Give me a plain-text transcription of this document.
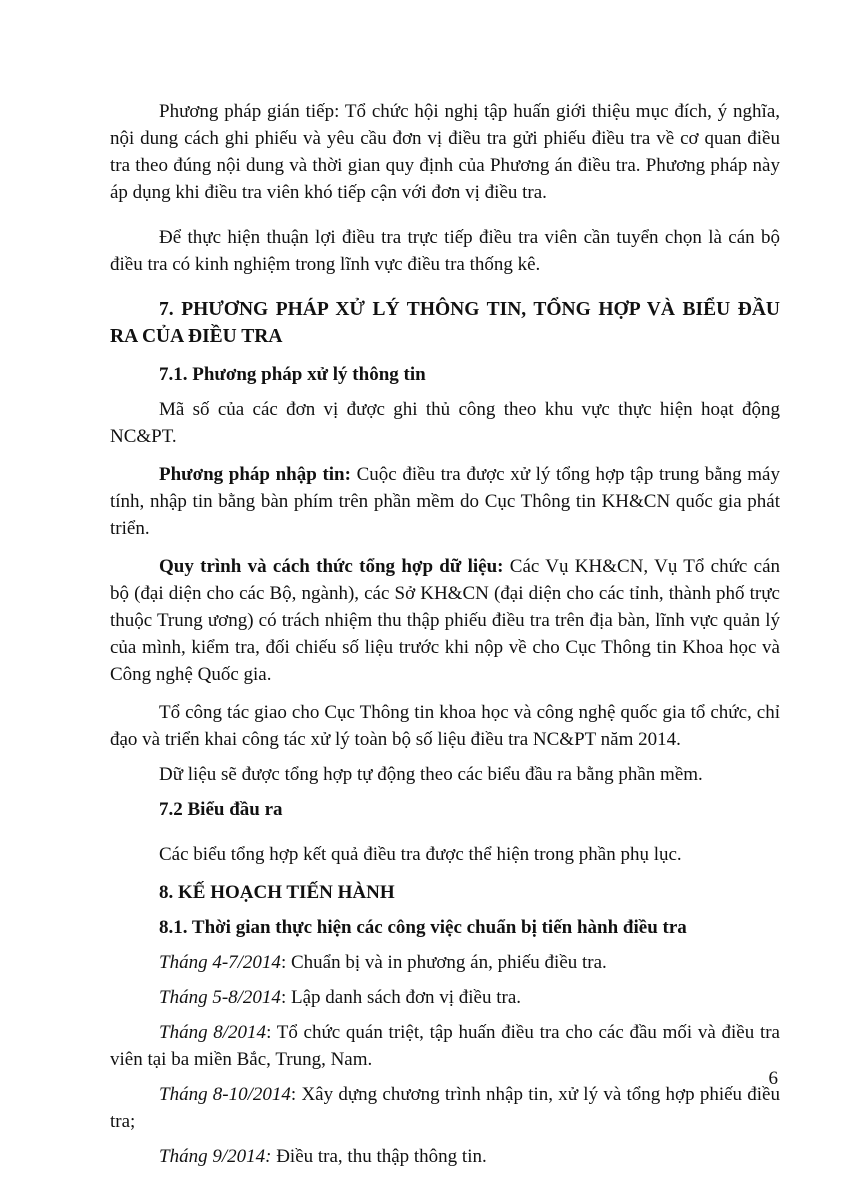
Phương pháp gián tiếp: Tổ chức hội nghị tập huấn giới thiệu mục đích, ý nghĩa, nội dung cách ghi phiếu và yêu cầu đơn vị điều tra gửi phiếu điều tra về cơ quan điều tra theo đúng nội dung và thời gian quy định của Phương án điều tra. Phương pháp này áp dụng khi điều tra viên khó tiếp cận với đơn vị điều tra.

Để thực hiện thuận lợi điều tra trực tiếp điều tra viên cần tuyển chọn là cán bộ điều tra có kinh nghiệm trong lĩnh vực điều tra thống kê.

7. PHƯƠNG PHÁP XỬ LÝ THÔNG TIN, TỔNG HỢP VÀ BIỂU ĐẦU RA CỦA ĐIỀU TRA

7.1. Phương pháp xử lý thông tin

Mã số của các đơn vị được ghi thủ công theo khu vực thực hiện hoạt động NC&PT.

Phương pháp nhập tin: Cuộc điều tra được xử lý tổng hợp tập trung bằng máy tính, nhập tin bằng bàn phím trên phần mềm do Cục Thông tin KH&CN quốc gia phát triển.

Quy trình và cách thức tổng hợp dữ liệu: Các Vụ KH&CN, Vụ Tổ chức cán bộ (đại diện cho các Bộ, ngành), các Sở KH&CN (đại diện cho các tỉnh, thành phố trực thuộc Trung ương) có trách nhiệm thu thập phiếu điều tra trên địa bàn, lĩnh vực quản lý của mình, kiểm tra, đối chiếu số liệu trước khi nộp về cho Cục Thông tin Khoa học và Công nghệ Quốc gia.

Tổ công tác giao cho Cục Thông tin khoa học và công nghệ quốc gia tổ chức, chỉ đạo và triển khai công tác xử lý toàn bộ số liệu điều tra NC&PT năm 2014.

Dữ liệu sẽ được tổng hợp tự động theo các biểu đầu ra bằng phần mềm.

7.2 Biểu đầu ra

Các biểu tổng hợp kết quả điều tra được thể hiện trong phần phụ lục.

8. KẾ HOẠCH TIẾN HÀNH

8.1. Thời gian thực hiện các công việc chuẩn bị tiến hành điều tra

Tháng 4-7/2014: Chuẩn bị và in phương án, phiếu điều tra.

Tháng 5-8/2014: Lập danh sách đơn vị điều tra.

Tháng 8/2014: Tổ chức quán triệt, tập huấn điều tra cho các đầu mối và điều tra viên tại ba miền Bắc, Trung, Nam.

Tháng 8-10/2014: Xây dựng chương trình nhập tin, xử lý và tổng hợp phiếu điều tra;

Tháng 9/2014: Điều tra, thu thập thông tin.

6
